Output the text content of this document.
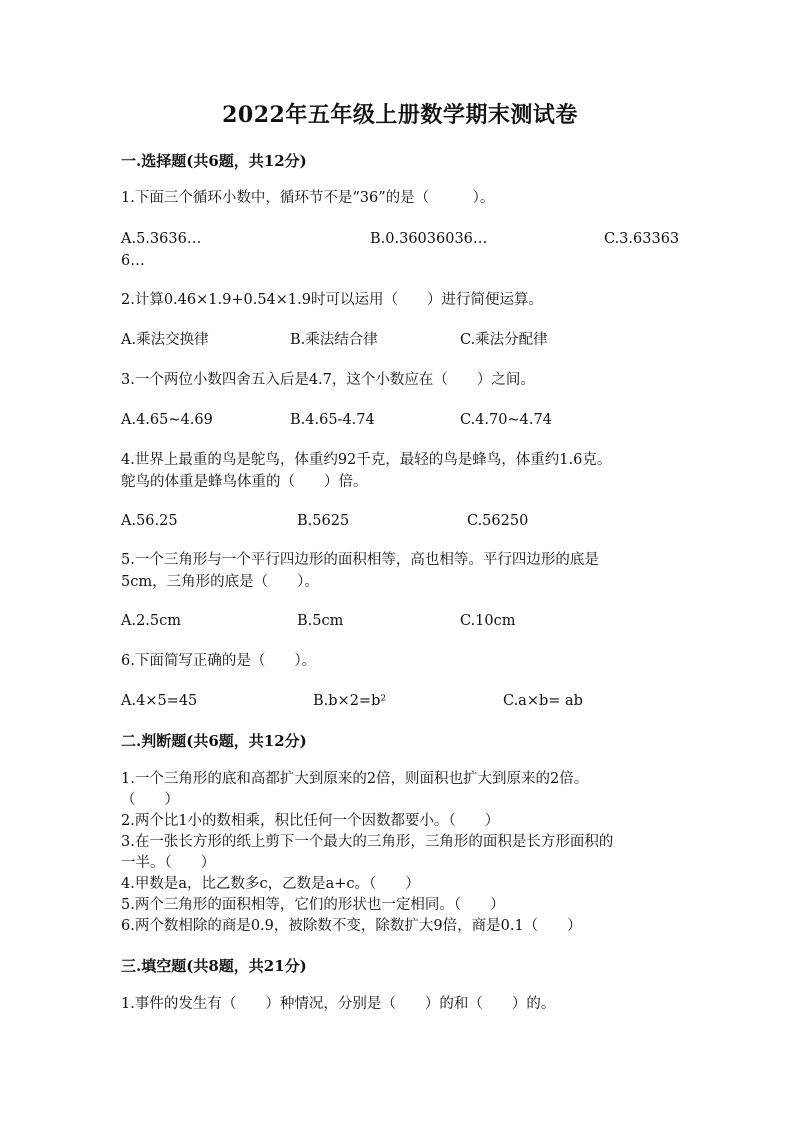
2022年五年级上册数学期末测试卷
一.选择题(共6题，共12分)
1.下面三个循环小数中，循环节不是“36”的是（　　　）。
A.5.3636…	B.0.36036036…	C.3.63363
6…
2.计算0.46×1.9+0.54×1.9时可以运用（　　）进行简便运算。
A.乘法交换律	B.乘法结合律	C.乘法分配律
3.一个两位小数四舍五入后是4.7，这个小数应在（　　）之间。
A.4.65~4.69	B.4.65-4.74	C.4.70~4.74
4.世界上最重的鸟是鸵鸟，体重约92千克，最轻的鸟是蜂鸟，体重约1.6克。
鸵鸟的体重是蜂鸟体重的（　　）倍。
A.56.25	B.5625	C.56250
5.一个三角形与一个平行四边形的面积相等，高也相等。平行四边形的底是
5cm，三角形的底是（　　）。
A.2.5cm	B.5cm	C.10cm
6.下面简写正确的是（　　）。
A.4×5=45	B.b×2=b²	C.a×b= ab
二.判断题(共6题，共12分)
1.一个三角形的底和高都扩大到原来的2倍，则面积也扩大到原来的2倍。
（　　）
2.两个比1小的数相乘，积比任何一个因数都要小。（　　）
3.在一张长方形的纸上剪下一个最大的三角形，三角形的面积是长方形面积的
一半。（　　）
4.甲数是a，比乙数多c，乙数是a+c。（　　）
5.两个三角形的面积相等，它们的形状也一定相同。（　　）
6.两个数相除的商是0.9，被除数不变，除数扩大9倍，商是0.1（　　）
三.填空题(共8题，共21分)
1.事件的发生有（　　）种情况，分别是（　　）的和（　　）的。
